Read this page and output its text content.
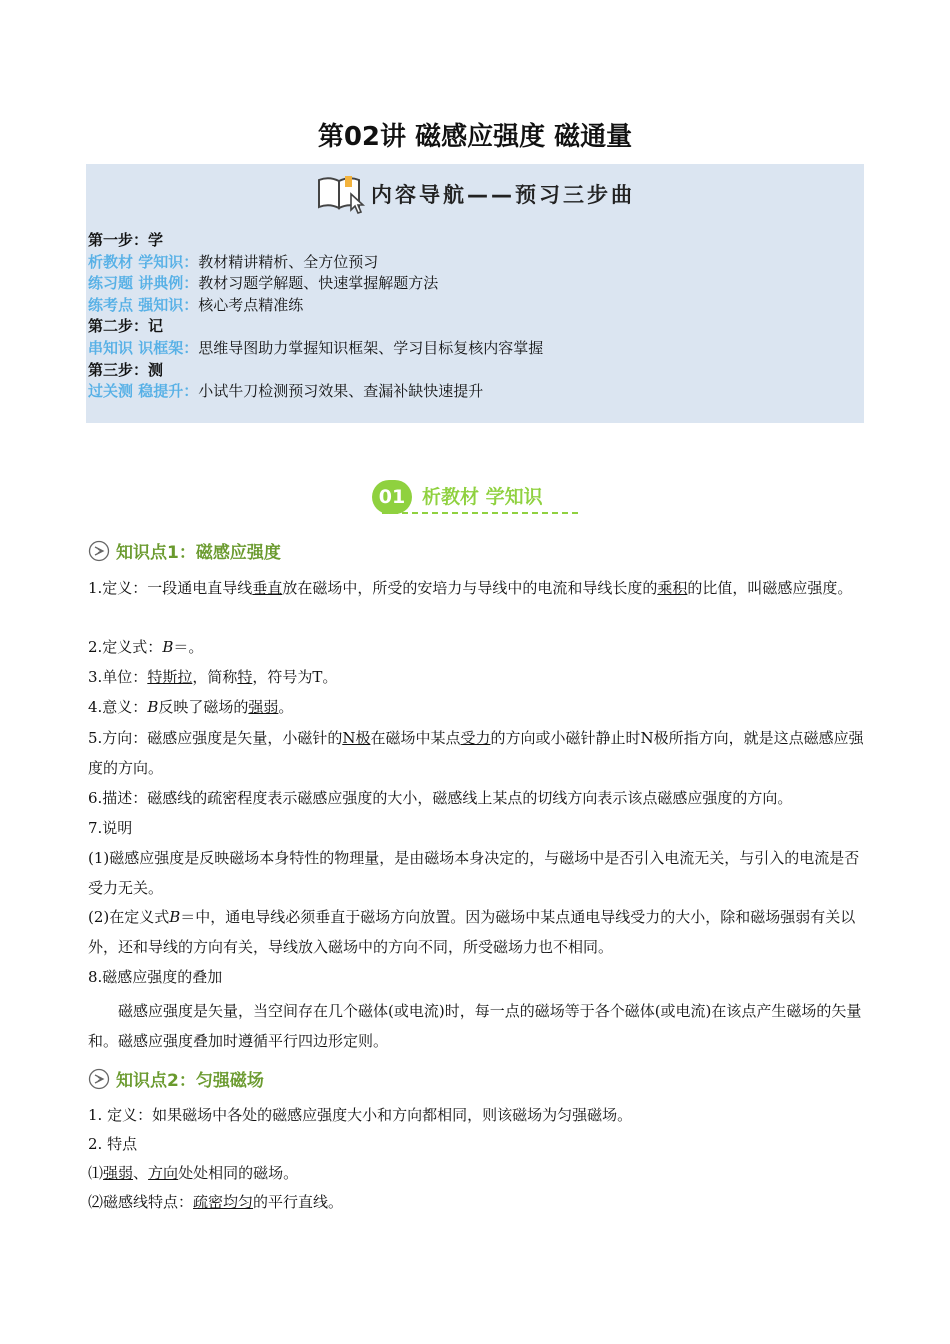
第02讲 磁感应强度 磁通量
内容导航——预习三步曲
第一步：学
析教材 学知识：教材精讲精析、全方位预习
练习题 讲典例：教材习题学解题、快速掌握解题方法
练考点 强知识：核心考点精准练
第二步：记
串知识 识框架：思维导图助力掌握知识框架、学习目标复核内容掌握
第三步：测
过关测 稳提升：小试牛刀检测预习效果、查漏补缺快速提升
01 析教材 学知识
知识点1：磁感应强度
1.定义：一段通电直导线垂直放在磁场中，所受的安培力与导线中的电流和导线长度的乘积的比值，叫磁感应强度。
2.定义式：B＝。
3.单位：特斯拉，简称特，符号为T。
4.意义：B反映了磁场的强弱。
5.方向：磁感应强度是矢量，小磁针的N极在磁场中某点受力的方向或小磁针静止时N极所指方向，就是这点磁感应强度的方向。
6.描述：磁感线的疏密程度表示磁感应强度的大小，磁感线上某点的切线方向表示该点磁感应强度的方向。
7.说明
(1)磁感应强度是反映磁场本身特性的物理量，是由磁场本身决定的，与磁场中是否引入电流无关，与引入的电流是否受力无关。
(2)在定义式B＝中，通电导线必须垂直于磁场方向放置。因为磁场中某点通电导线受力的大小，除和磁场强弱有关以外，还和导线的方向有关，导线放入磁场中的方向不同，所受磁场力也不相同。
8.磁感应强度的叠加
磁感应强度是矢量，当空间存在几个磁体(或电流)时，每一点的磁场等于各个磁体(或电流)在该点产生磁场的矢量和。磁感应强度叠加时遵循平行四边形定则。
知识点2：匀强磁场
1. 定义：如果磁场中各处的磁感应强度大小和方向都相同，则该磁场为匀强磁场。
2. 特点
⑴强弱、方向处处相同的磁场。
⑵磁感线特点：疏密均匀的平行直线。
